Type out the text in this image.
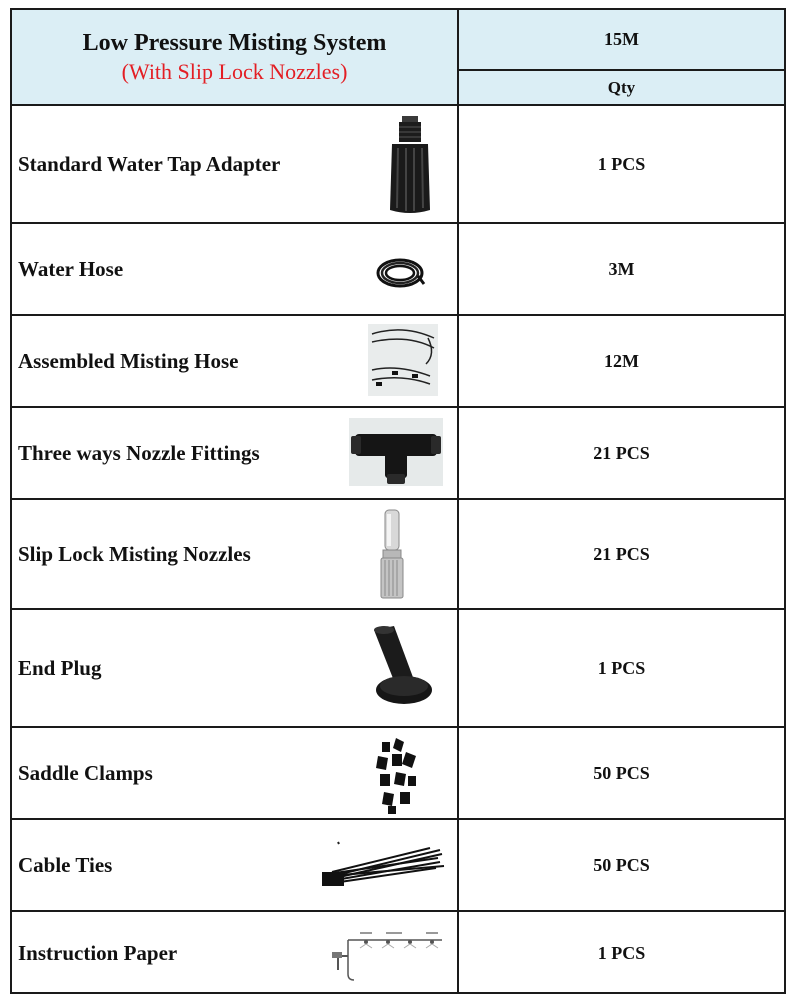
Low Pressure Misting System
(With Slip Lock Nozzles)
15M
Qty
Standard Water Tap Adapter	1 PCS
Water Hose	3M
Assembled Misting Hose	12M
Three ways Nozzle Fittings	21 PCS
Slip Lock Misting Nozzles	21 PCS
End Plug	1 PCS
Saddle Clamps	50 PCS
Cable Ties	50 PCS
Instruction Paper	1 PCS
